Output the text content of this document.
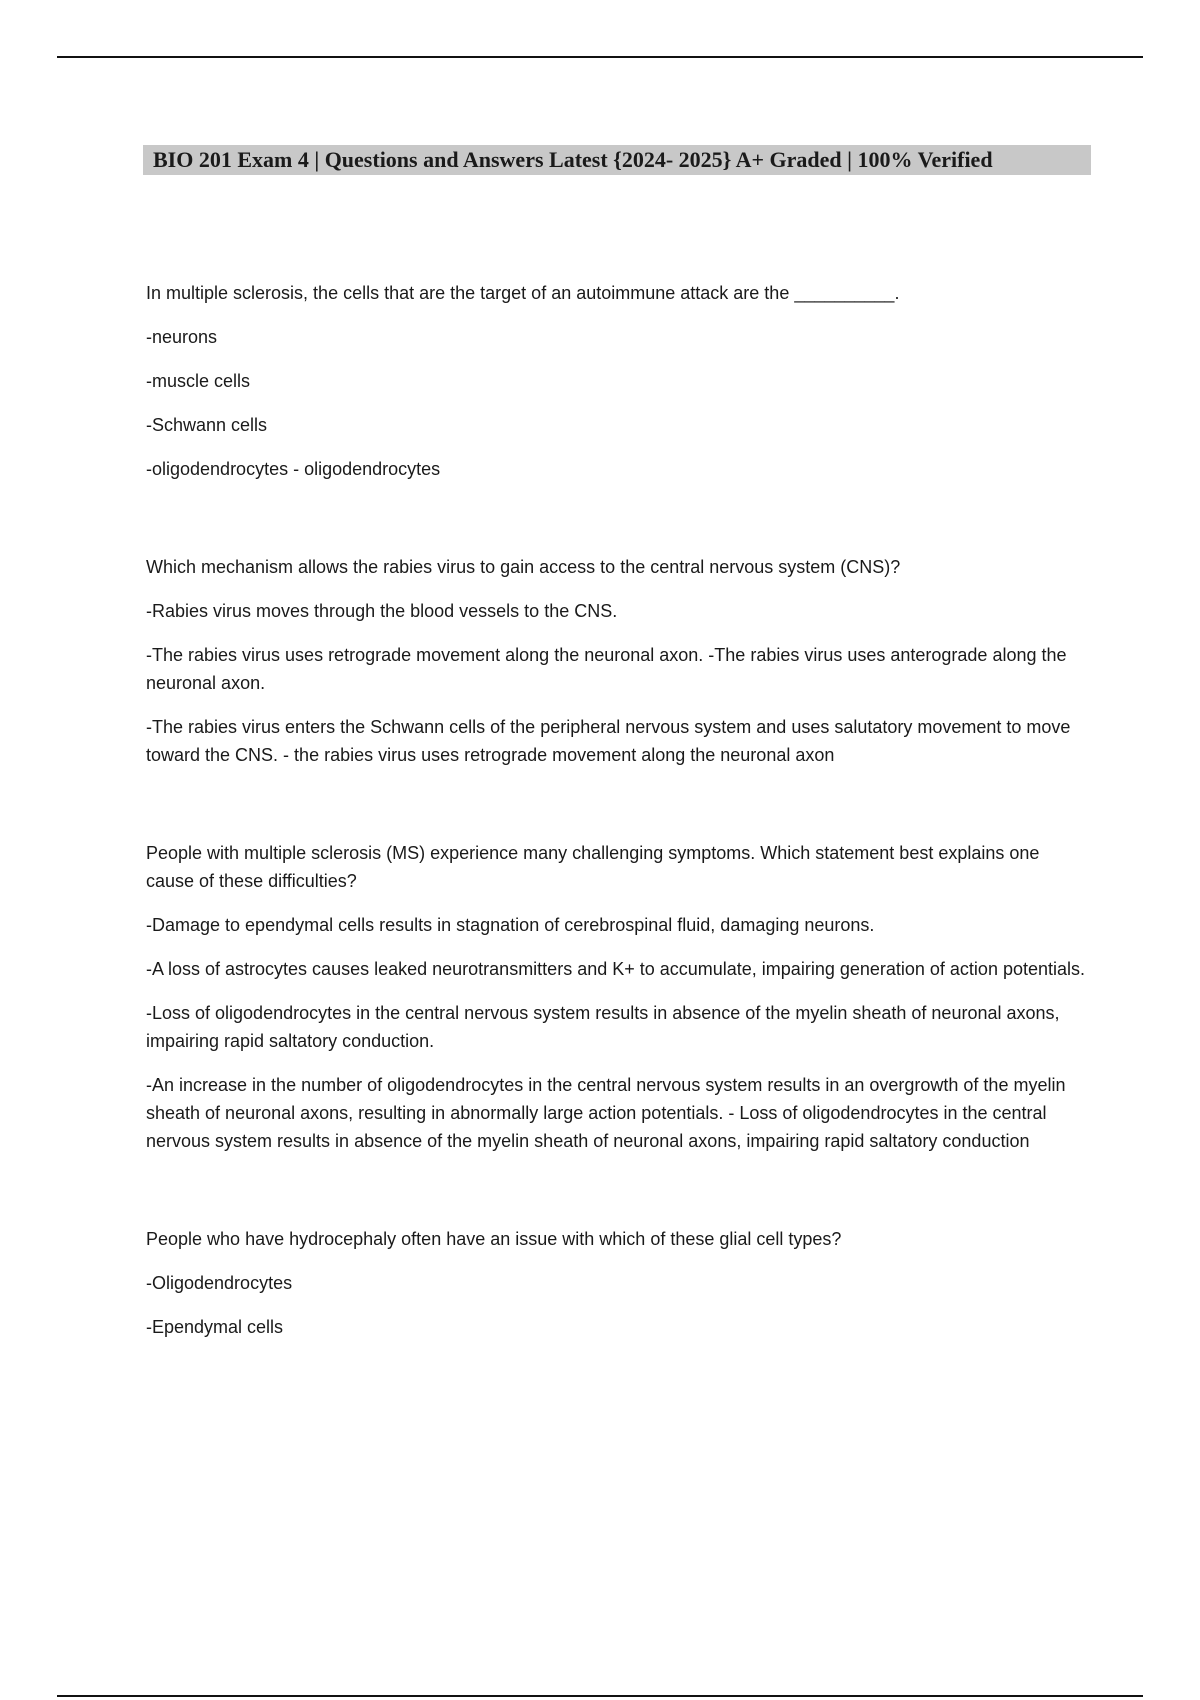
BIO 201 Exam 4 | Questions and Answers Latest {2024- 2025} A+ Graded | 100% Verified

In multiple sclerosis, the cells that are the target of an autoimmune attack are the __________.

-neurons

-muscle cells

-Schwann cells

-oligodendrocytes - oligodendrocytes

Which mechanism allows the rabies virus to gain access to the central nervous system (CNS)?

-Rabies virus moves through the blood vessels to the CNS.

-The rabies virus uses retrograde movement along the neuronal axon. -The rabies virus uses anterograde along the neuronal axon.

-The rabies virus enters the Schwann cells of the peripheral nervous system and uses salutatory movement to move toward the CNS. - the rabies virus uses retrograde movement along the neuronal axon

People with multiple sclerosis (MS) experience many challenging symptoms. Which statement best explains one cause of these difficulties?

-Damage to ependymal cells results in stagnation of cerebrospinal fluid, damaging neurons.

-A loss of astrocytes causes leaked neurotransmitters and K+ to accumulate, impairing generation of action potentials.

-Loss of oligodendrocytes in the central nervous system results in absence of the myelin sheath of neuronal axons, impairing rapid saltatory conduction.

-An increase in the number of oligodendrocytes in the central nervous system results in an overgrowth of the myelin sheath of neuronal axons, resulting in abnormally large action potentials. - Loss of oligodendrocytes in the central nervous system results in absence of the myelin sheath of neuronal axons, impairing rapid saltatory conduction

People who have hydrocephaly often have an issue with which of these glial cell types?

-Oligodendrocytes

-Ependymal cells
